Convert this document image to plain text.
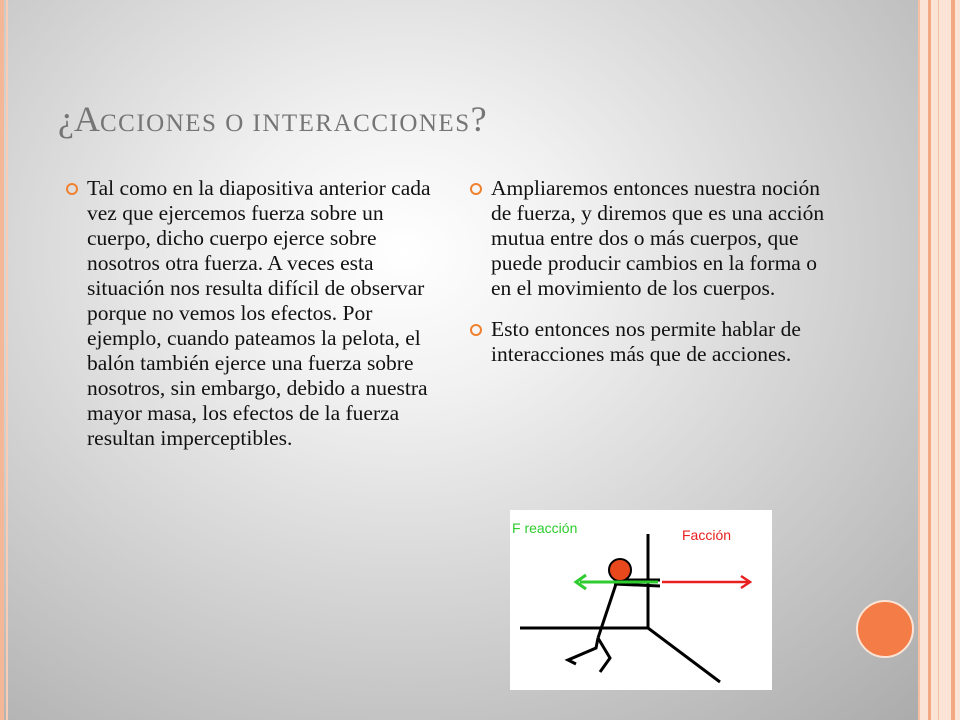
¿ACCIONES O INTERACCIONES?
Tal como en la diapositiva anterior cada vez que ejercemos fuerza sobre un cuerpo, dicho cuerpo ejerce sobre nosotros otra fuerza. A veces esta situación nos resulta difícil de observar porque no vemos los efectos. Por ejemplo, cuando pateamos la pelota, el balón también ejerce una fuerza sobre nosotros, sin embargo, debido a nuestra mayor masa, los efectos de la fuerza resultan imperceptibles.
Ampliaremos entonces nuestra noción de fuerza, y diremos que es una acción mutua entre dos o más cuerpos, que puede producir cambios en la forma o en el movimiento de los cuerpos.
Esto entonces nos permite hablar de interacciones más que de acciones.
F reacción	Facción
